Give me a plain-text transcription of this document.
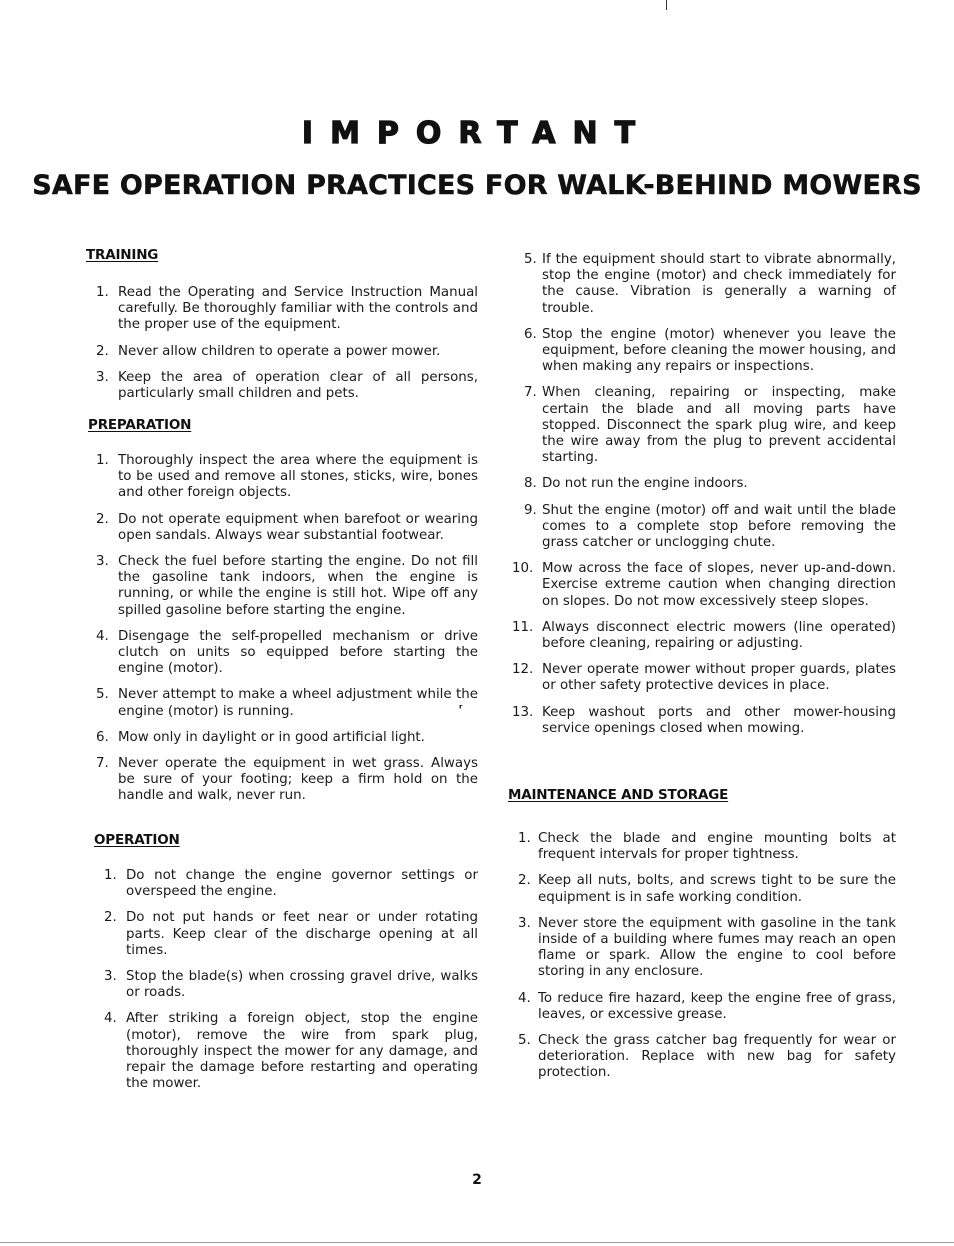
IMPORTANT
SAFE OPERATION PRACTICES FOR WALK-BEHIND MOWERS
TRAINING
1. Read the Operating and Service Instruction Manual carefully. Be thoroughly familiar with the controls and the proper use of the equipment.
2. Never allow children to operate a power mower.
3. Keep the area of operation clear of all persons, particularly small children and pets.
PREPARATION
1. Thoroughly inspect the area where the equipment is to be used and remove all stones, sticks, wire, bones and other foreign objects.
2. Do not operate equipment when barefoot or wearing open sandals. Always wear substantial footwear.
3. Check the fuel before starting the engine. Do not fill the gasoline tank indoors, when the engine is running, or while the engine is still hot. Wipe off any spilled gasoline before starting the engine.
4. Disengage the self-propelled mechanism or drive clutch on units so equipped before starting the engine (motor).
5. Never attempt to make a wheel adjustment while the engine (motor) is running.
6. Mow only in daylight or in good artificial light.
7. Never operate the equipment in wet grass. Always be sure of your footing; keep a firm hold on the handle and walk, never run.
OPERATION
1. Do not change the engine governor settings or overspeed the engine.
2. Do not put hands or feet near or under rotating parts. Keep clear of the discharge opening at all times.
3. Stop the blade(s) when crossing gravel drive, walks or roads.
4. After striking a foreign object, stop the engine (motor), remove the wire from spark plug, thoroughly inspect the mower for any damage, and repair the damage before restarting and operating the mower.
ʳ
5. If the equipment should start to vibrate abnormally, stop the engine (motor) and check immediately for the cause. Vibration is generally a warning of trouble.
6. Stop the engine (motor) whenever you leave the equipment, before cleaning the mower housing, and when making any repairs or inspections.
7. When cleaning, repairing or inspecting, make certain the blade and all moving parts have stopped. Disconnect the spark plug wire, and keep the wire away from the plug to prevent accidental starting.
8. Do not run the engine indoors.
9. Shut the engine (motor) off and wait until the blade comes to a complete stop before removing the grass catcher or unclogging chute.
10. Mow across the face of slopes, never up-and-down. Exercise extreme caution when changing direction on slopes. Do not mow excessively steep slopes.
11. Always disconnect electric mowers (line operated) before cleaning, repairing or adjusting.
12. Never operate mower without proper guards, plates or other safety protective devices in place.
13. Keep washout ports and other mower-housing service openings closed when mowing.
MAINTENANCE AND STORAGE
1. Check the blade and engine mounting bolts at frequent intervals for proper tightness.
2. Keep all nuts, bolts, and screws tight to be sure the equipment is in safe working condition.
3. Never store the equipment with gasoline in the tank inside of a building where fumes may reach an open flame or spark. Allow the engine to cool before storing in any enclosure.
4. To reduce fire hazard, keep the engine free of grass, leaves, or excessive grease.
5. Check the grass catcher bag frequently for wear or deterioration. Replace with new bag for safety protection.
2
